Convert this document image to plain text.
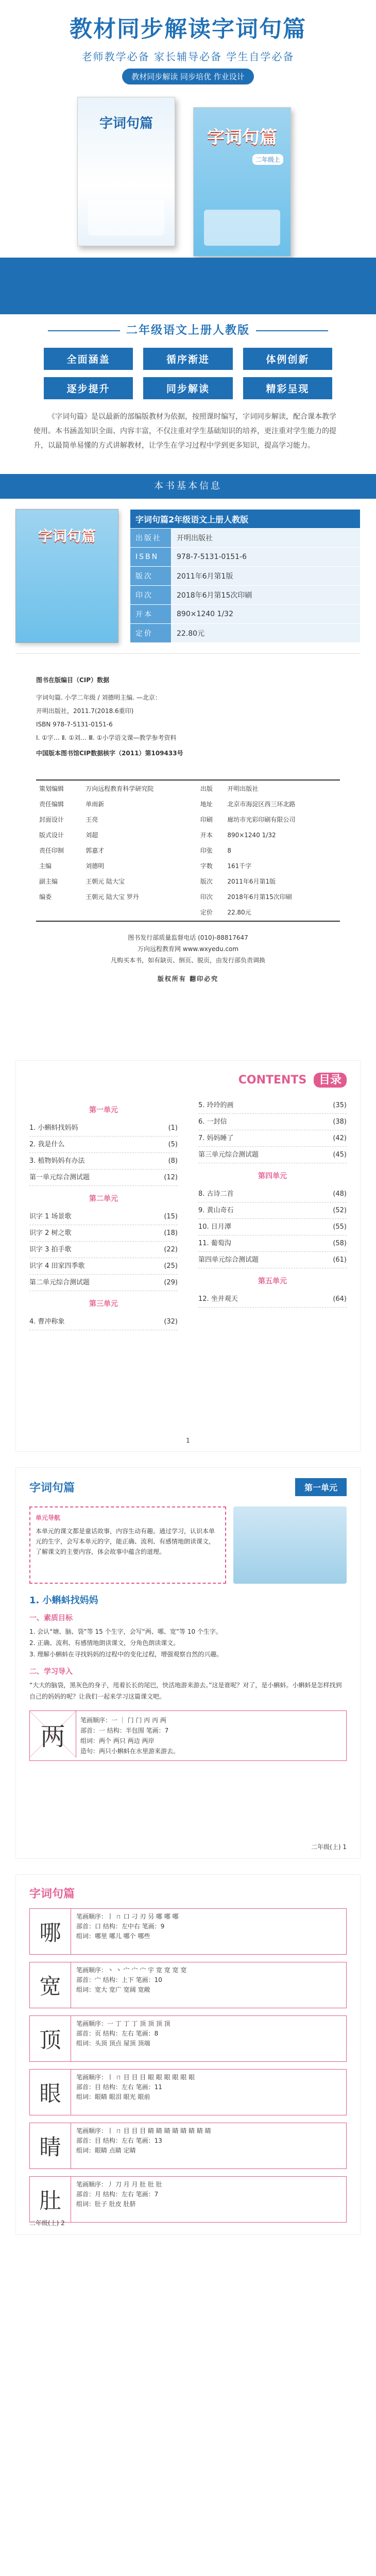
教材同步解读字词句篇
老师教学必备 家长辅导必备 学生自学必备
教材同步解读 同步培优 作业设计
字词句篇
字词句篇
二年级上
二年级语文上册人教版
全面涵盖	循序渐进	体例创新
逐步提升	同步解读	精彩呈现

《字词句篇》是以最新的部编版教材为依据，按照课时编写，字词同步解读，配合课本教学使用。本书涵盖知识全面、内容丰富，不仅注重对学生基础知识的培养，更注重对学生能力的提升，以最简单易懂的方式讲解教材，让学生在学习过程中学到更多知识，提高学习能力。

本书基本信息
字词句篇
字词句篇2年级语文上册人教版	
出版社	开明出版社
ISBN	978-7-5131-0151-6
版次	2011年6月第1版
印次	2018年6月第15次印刷
开本	890×1240 1/32
定价	22.80元
图书在版编目（CIP）数据
字词句篇. 小学二年级 / 刘德明主编. —北京：
开明出版社，2011.7(2018.6重印)
ISBN 978-7-5131-0151-6
Ⅰ. ①字… Ⅱ. ①刘… Ⅲ. ①小学语文课—教学参考资料
中国版本图书馆CIP数据核字（2011）第109433号
策划编辑	万向远程教育科学研究院	出版	开明出版社
责任编辑	单雨新	地址	北京市海淀区西三环北路
封面设计	王亮	印刷	廊坊市光彩印刷有限公司
版式设计	刘超	开本	890×1240 1/32
责任印制	郭嘉才	印张	8
主编	刘德明	字数	161千字
副主编	王朝元 陆大宝	版次	2011年6月第1版
编委	王朝元 陆大宝 罗丹	印次	2018年6月第15次印刷
		定价	22.80元
图书发行部质量监督电话 (010)-88817647
万向远程教育网 www.wxyedu.com
凡购买本书，如有缺页、倒页、脱页，由发行部负责调换
版权所有 翻印必究
CONTENTS 目录
第一单元
1. 小蝌蚪找妈妈	(1)
2. 我是什么	(5)
3. 植物妈妈有办法	(8)
第一单元综合测试题	(12)
第二单元
识字 1 场景歌	(15)
识字 2 树之歌	(18)
识字 3 拍手歌	(22)
识字 4 田家四季歌	(25)
第二单元综合测试题	(29)
第三单元
4. 曹冲称象	(32)
5. 玲玲的画	(35)
6. 一封信	(38)
7. 妈妈睡了	(42)
第三单元综合测试题	(45)
第四单元
8. 古诗二首	(48)
9. 黄山奇石	(52)
10. 日月潭	(55)
11. 葡萄沟	(58)
第四单元综合测试题	(61)
第五单元
12. 坐井观天	(64)
1
字词句篇	第一单元
单元导航
本单元的课文都是童话故事，内容生动有趣。通过学习，认识本单元的生字，会写本单元的字，能正确、流利、有感情地朗读课文，了解课文的主要内容，体会故事中蕴含的道理。
1. 小蝌蚪找妈妈
一、素质目标
1. 会认“塘、脑、袋”等 15 个生字，会写“两、哪、宽”等 10 个生字。
2. 正确、流利、有感情地朗读课文，分角色朗读课文。
3. 理解小蝌蚪在寻找妈妈的过程中的变化过程，增强观察自然的兴趣。
二、学习导入
“大大的脑袋，黑灰色的身子，甩着长长的尾巴，快活地游来游去。”这是谁呢？对了，是小蝌蚪。小蝌蚪是怎样找到自己的妈妈的呢？让我们一起来学习这篇课文吧。
两
笔画顺序：一 ｜ 门 门 丙 丙 两
部首：一 结构：半包围 笔画：7
组词：两个 两只 两边 两岸
造句：两只小蝌蚪在水里游来游去。
二年级(上) 1
字词句篇
哪
笔画顺序：丨 ㄇ 口 刁 刃 叧 哪 哪 哪
部首：口 结构：左中右 笔画：9
组词：哪里 哪儿 哪个 哪些
宽
笔画顺序：丶 丶 宀 宀 宀 宇 宽 宽 宽 宽
部首：宀 结构：上下 笔画：10
组词：宽大 宽广 宽阔 宽敞
顶
笔画顺序：一 丁 丁 丁 顶 顶 顶 顶
部首：页 结构：左右 笔画：8
组词：头顶 顶点 屋顶 顶端
眼
笔画顺序：丨 ㄇ 目 目 目 眼 眼 眼 眼 眼 眼
部首：目 结构：左右 笔画：11
组词：眼睛 眼泪 眼光 眼前
睛
笔画顺序：丨 ㄇ 目 目 目 睛 睛 睛 睛 睛 睛 睛 睛
部首：目 结构：左右 笔画：13
组词：眼睛 点睛 定睛
肚
笔画顺序：丿 刀 月 月 肚 肚 肚
部首：月 结构：左右 笔画：7
组词：肚子 肚皮 肚脐
二年级(上) 2
